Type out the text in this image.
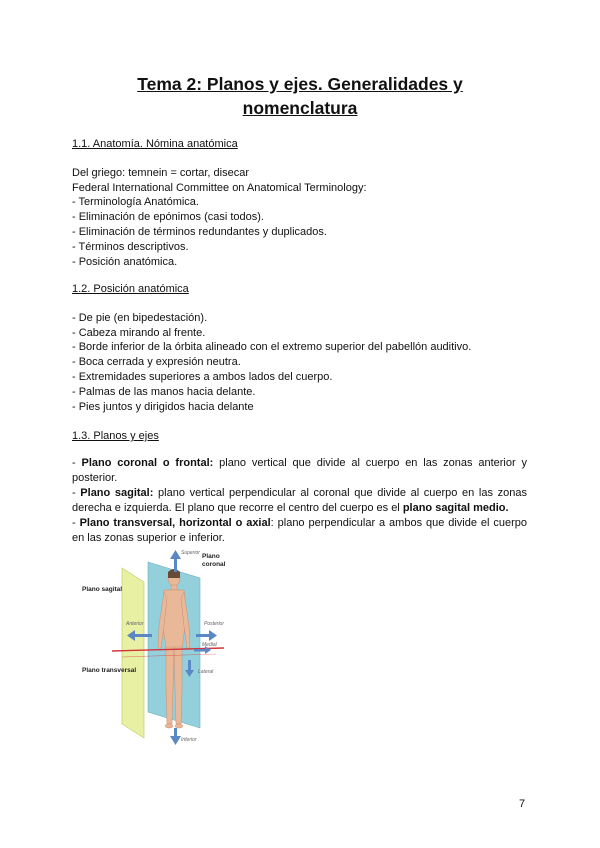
Tema 2: Planos y ejes. Generalidades y
nomenclatura
1.1. Anatomía. Nómina anatómica

Del griego: temnein = cortar, disecar
Federal International Committee on Anatomical Terminology:
- Terminología Anatómica.
- Eliminación de epónimos (casi todos).
- Eliminación de términos redundantes y duplicados.
- Términos descriptivos.
- Posición anatómica.
1.2. Posición anatómica

- De pie (en bipedestación).
- Cabeza mirando al frente.
- Borde inferior de la órbita alineado con el extremo superior del pabellón auditivo.
- Boca cerrada y expresión neutra.
- Extremidades superiores a ambos lados del cuerpo.
- Palmas de las manos hacia delante.
- Pies juntos y dirigidos hacia delante
1.3. Planos y ejes

- Plano coronal o frontal: plano vertical que divide al cuerpo en las zonas anterior y posterior.

- Plano sagital: plano vertical perpendicular al coronal que divide al cuerpo en las zonas derecha e izquierda. El plano que recorre el centro del cuerpo es el plano sagital medio.

- Plano transversal, horizontal o axial: plano perpendicular a ambos que divide el cuerpo en las zonas superior e inferior.

Plano
coronal
Plano sagital
Plano transversal
Superior
Anterior	Posterior
Medial
Lateral
Inferior
7
